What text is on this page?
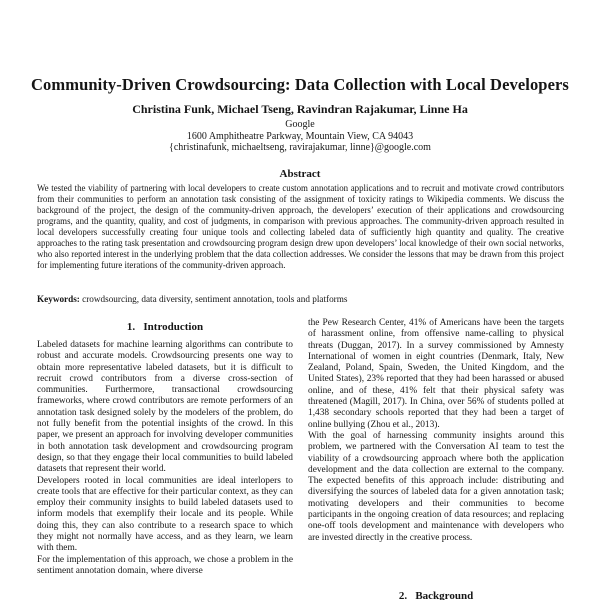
Community-Driven Crowdsourcing: Data Collection with Local Developers
Christina Funk, Michael Tseng, Ravindran Rajakumar, Linne Ha
Google
1600 Amphitheatre Parkway, Mountain View, CA 94043
{christinafunk, michaeltseng, ravirajakumar, linne}@google.com
Abstract

We tested the viability of partnering with local developers to create custom annotation applications and to recruit and motivate crowd contributors from their communities to perform an annotation task consisting of the assignment of toxicity ratings to Wikipedia comments. We discuss the background of the project, the design of the community-driven approach, the developers’ execution of their applications and crowdsourcing programs, and the quantity, quality, and cost of judgments, in comparison with previous approaches. The community-driven approach resulted in local developers successfully creating four unique tools and collecting labeled data of sufficiently high quantity and quality. The creative approaches to the rating task presentation and crowdsourcing program design drew upon developers’ local knowledge of their own social networks, who also reported interest in the underlying problem that the data collection addresses. We consider the lessons that may be drawn from this project for implementing future iterations of the community-driven approach.

Keywords: crowdsourcing, data diversity, sentiment annotation, tools and platforms

1.   Introduction

Labeled datasets for machine learning algorithms can contribute to robust and accurate models. Crowdsourcing presents one way to obtain more representative labeled datasets, but it is difficult to recruit crowd contributors from a diverse cross-section of communities. Furthermore, transactional crowdsourcing frameworks, where crowd contributors are remote performers of an annotation task designed solely by the modelers of the problem, do not fully benefit from the potential insights of the crowd. In this paper, we present an approach for involving developer communities in both annotation task development and crowdsourcing program design, so that they engage their local communities to build labeled datasets that represent their world.

Developers rooted in local communities are ideal interlopers to create tools that are effective for their particular context, as they can employ their community insights to build labeled datasets used to inform models that exemplify their locale and its people. While doing this, they can also contribute to a research space to which they might not normally have access, and as they learn, we learn with them.

For the implementation of this approach, we chose a problem in the sentiment annotation domain, where diverse

the Pew Research Center, 41% of Americans have been the targets of harassment online, from offensive name-calling to physical threats (Duggan, 2017). In a survey commissioned by Amnesty International of women in eight countries (Denmark, Italy, New Zealand, Poland, Spain, Sweden, the United Kingdom, and the United States), 23% reported that they had been harassed or abused online, and of these, 41% felt that their physical safety was threatened (Magill, 2017). In China, over 56% of students polled at 1,438 secondary schools reported that they had been a target of online bullying (Zhou et al., 2013).

With the goal of harnessing community insights around this problem, we partnered with the Conversation AI team to test the viability of a crowdsourcing approach where both the application development and the data collection are external to the company. The expected benefits of this approach include: distributing and diversifying the sources of labeled data for a given annotation task; motivating developers and their communities to become participants in the ongoing creation of data resources; and replacing one-off tools development and maintenance with developers who are invested directly in the creative process.

2.   Background
